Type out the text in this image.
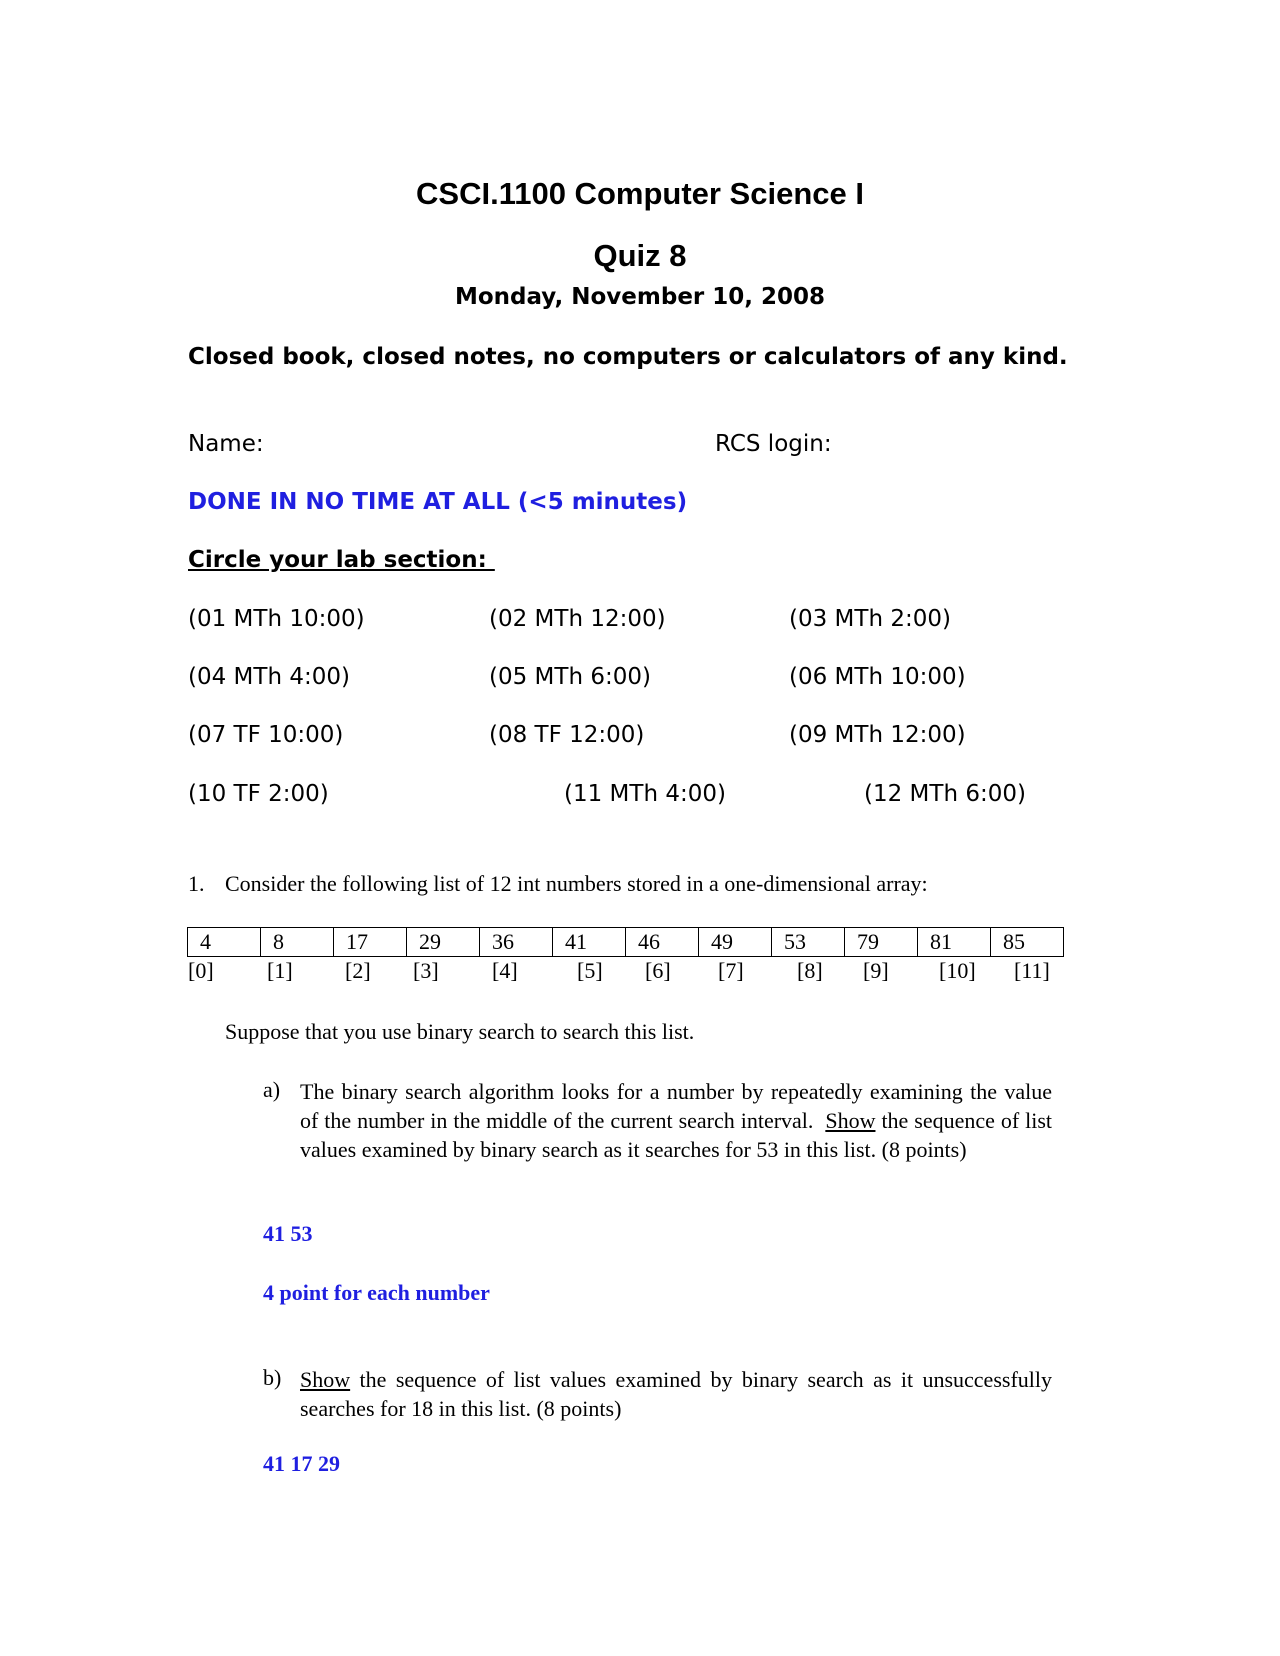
CSCI.1100 Computer Science I
Quiz 8
Monday, November 10, 2008
Closed book, closed notes, no computers or calculators of any kind.
Name:	RCS login:
DONE IN NO TIME AT ALL (<5 minutes)
Circle your lab section:
(01 MTh 10:00)	(02 MTh 12:00)	(03 MTh 2:00)
(04 MTh 4:00)	(05 MTh 6:00)	(06 MTh 10:00)
(07 TF 10:00)	(08 TF 12:00)	(09 MTh 12:00)
(10 TF 2:00)	(11 MTh 4:00)	(12 MTh 6:00)
1. Consider the following list of 12 int numbers stored in a one-dimensional array:
4	8	17	29	36	41	46	49	53	79	81	85
[0] [1] [2] [3] [4]	[5] [6] [7] [8] [9] [10] [11]
Suppose that you use binary search to search this list.
a) The binary search algorithm looks for a number by repeatedly examining the value of the number in the middle of the current search interval. Show the sequence of list values examined by binary search as it searches for 53 in this list. (8 points)
41 53
4 point for each number
b) Show the sequence of list values examined by binary search as it unsuccessfully searches for 18 in this list. (8 points)
41 17 29
